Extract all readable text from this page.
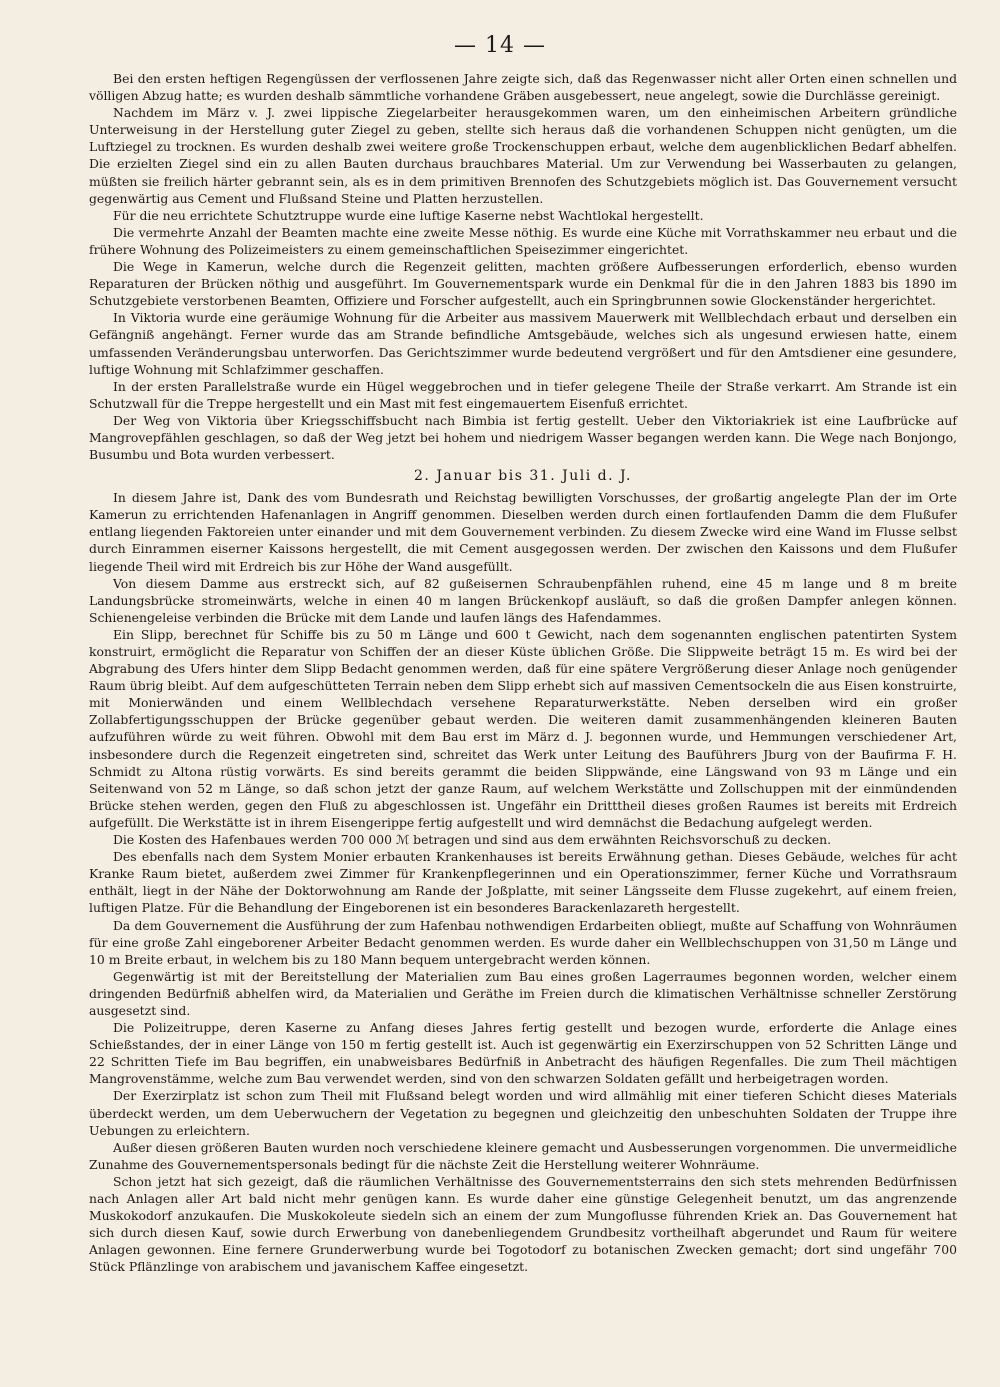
— 14 —

Bei den ersten heftigen Regengüssen der verflossenen Jahre zeigte sich, daß das Regenwasser nicht aller Orten einen schnellen und völligen Abzug hatte; es wurden deshalb sämmtliche vorhandene Gräben ausgebessert, neue angelegt, sowie die Durchlässe gereinigt.

Nachdem im März v. J. zwei lippische Ziegelarbeiter herausgekommen waren, um den einheimischen Arbeitern gründliche Unterweisung in der Herstellung guter Ziegel zu geben, stellte sich heraus daß die vorhandenen Schuppen nicht genügten, um die Luftziegel zu trocknen. Es wurden deshalb zwei weitere große Trockenschuppen erbaut, welche dem augenblicklichen Bedarf abhelfen. Die erzielten Ziegel sind ein zu allen Bauten durchaus brauchbares Material. Um zur Verwendung bei Wasserbauten zu gelangen, müßten sie freilich härter gebrannt sein, als es in dem primitiven Brennofen des Schutzgebiets möglich ist. Das Gouvernement versucht gegenwärtig aus Cement und Flußsand Steine und Platten herzustellen.

Für die neu errichtete Schutztruppe wurde eine luftige Kaserne nebst Wachtlokal hergestellt.

Die vermehrte Anzahl der Beamten machte eine zweite Messe nöthig. Es wurde eine Küche mit Vorrathskammer neu erbaut und die frühere Wohnung des Polizeimeisters zu einem gemeinschaftlichen Speisezimmer eingerichtet.

Die Wege in Kamerun, welche durch die Regenzeit gelitten, machten größere Aufbesserungen erforderlich, ebenso wurden Reparaturen der Brücken nöthig und ausgeführt. Im Gouvernementspark wurde ein Denkmal für die in den Jahren 1883 bis 1890 im Schutzgebiete verstorbenen Beamten, Offiziere und Forscher aufgestellt, auch ein Springbrunnen sowie Glockenständer hergerichtet.

In Viktoria wurde eine geräumige Wohnung für die Arbeiter aus massivem Mauerwerk mit Wellblechdach erbaut und derselben ein Gefängniß angehängt. Ferner wurde das am Strande befindliche Amtsgebäude, welches sich als ungesund erwiesen hatte, einem umfassenden Veränderungsbau unterworfen. Das Gerichtszimmer wurde bedeutend vergrößert und für den Amtsdiener eine gesundere, luftige Wohnung mit Schlafzimmer geschaffen.

In der ersten Parallelstraße wurde ein Hügel weggebrochen und in tiefer gelegene Theile der Straße verkarrt. Am Strande ist ein Schutzwall für die Treppe hergestellt und ein Mast mit fest eingemauertem Eisenfuß errichtet.

Der Weg von Viktoria über Kriegsschiffsbucht nach Bimbia ist fertig gestellt. Ueber den Viktoriakriek ist eine Laufbrücke auf Mangrovepfählen geschlagen, so daß der Weg jetzt bei hohem und niedrigem Wasser begangen werden kann. Die Wege nach Bonjongo, Busumbu und Bota wurden verbessert.

2. Januar bis 31. Juli d. J.

In diesem Jahre ist, Dank des vom Bundesrath und Reichstag bewilligten Vorschusses, der großartig angelegte Plan der im Orte Kamerun zu errichtenden Hafenanlagen in Angriff genommen. Dieselben werden durch einen fortlaufenden Damm die dem Flußufer entlang liegenden Faktoreien unter einander und mit dem Gouvernement verbinden. Zu diesem Zwecke wird eine Wand im Flusse selbst durch Einrammen eiserner Kaissons hergestellt, die mit Cement ausgegossen werden. Der zwischen den Kaissons und dem Flußufer liegende Theil wird mit Erdreich bis zur Höhe der Wand ausgefüllt.

Von diesem Damme aus erstreckt sich, auf 82 gußeisernen Schraubenpfählen ruhend, eine 45 m lange und 8 m breite Landungsbrücke stromeinwärts, welche in einen 40 m langen Brückenkopf ausläuft, so daß die großen Dampfer anlegen können. Schienengeleise verbinden die Brücke mit dem Lande und laufen längs des Hafendammes.

Ein Slipp, berechnet für Schiffe bis zu 50 m Länge und 600 t Gewicht, nach dem sogenannten englischen patentirten System konstruirt, ermöglicht die Reparatur von Schiffen der an dieser Küste üblichen Größe. Die Slippweite beträgt 15 m. Es wird bei der Abgrabung des Ufers hinter dem Slipp Bedacht genommen werden, daß für eine spätere Vergrößerung dieser Anlage noch genügender Raum übrig bleibt. Auf dem aufgeschütteten Terrain neben dem Slipp erhebt sich auf massiven Cementsockeln die aus Eisen konstruirte, mit Monierwänden und einem Wellblechdach versehene Reparaturwerkstätte. Neben derselben wird ein großer Zollabfertigungsschuppen der Brücke gegenüber gebaut werden. Die weiteren damit zusammenhängenden kleineren Bauten aufzuführen würde zu weit führen. Obwohl mit dem Bau erst im März d. J. begonnen wurde, und Hemmungen verschiedener Art, insbesondere durch die Regenzeit eingetreten sind, schreitet das Werk unter Leitung des Bauführers Jburg von der Baufirma F. H. Schmidt zu Altona rüstig vorwärts. Es sind bereits gerammt die beiden Slippwände, eine Längswand von 93 m Länge und ein Seitenwand von 52 m Länge, so daß schon jetzt der ganze Raum, auf welchem Werkstätte und Zollschuppen mit der einmündenden Brücke stehen werden, gegen den Fluß zu abgeschlossen ist. Ungefähr ein Dritttheil dieses großen Raumes ist bereits mit Erdreich aufgefüllt. Die Werkstätte ist in ihrem Eisengerippe fertig aufgestellt und wird demnächst die Bedachung aufgelegt werden.

Die Kosten des Hafenbaues werden 700 000 ℳ betragen und sind aus dem erwähnten Reichsvorschuß zu decken.

Des ebenfalls nach dem System Monier erbauten Krankenhauses ist bereits Erwähnung gethan. Dieses Gebäude, welches für acht Kranke Raum bietet, außerdem zwei Zimmer für Krankenpflegerinnen und ein Operationszimmer, ferner Küche und Vorrathsraum enthält, liegt in der Nähe der Doktorwohnung am Rande der Joßplatte, mit seiner Längsseite dem Flusse zugekehrt, auf einem freien, luftigen Platze. Für die Behandlung der Eingeborenen ist ein besonderes Barackenlazareth hergestellt.

Da dem Gouvernement die Ausführung der zum Hafenbau nothwendigen Erdarbeiten obliegt, mußte auf Schaffung von Wohnräumen für eine große Zahl eingeborener Arbeiter Bedacht genommen werden. Es wurde daher ein Wellblechschuppen von 31,50 m Länge und 10 m Breite erbaut, in welchem bis zu 180 Mann bequem untergebracht werden können.

Gegenwärtig ist mit der Bereitstellung der Materialien zum Bau eines großen Lagerraumes begonnen worden, welcher einem dringenden Bedürfniß abhelfen wird, da Materialien und Geräthe im Freien durch die klimatischen Verhältnisse schneller Zerstörung ausgesetzt sind.

Die Polizeitruppe, deren Kaserne zu Anfang dieses Jahres fertig gestellt und bezogen wurde, erforderte die Anlage eines Schießstandes, der in einer Länge von 150 m fertig gestellt ist. Auch ist gegenwärtig ein Exerzirschuppen von 52 Schritten Länge und 22 Schritten Tiefe im Bau begriffen, ein unabweisbares Bedürfniß in Anbetracht des häufigen Regenfalles. Die zum Theil mächtigen Mangrovenstämme, welche zum Bau verwendet werden, sind von den schwarzen Soldaten gefällt und herbeigetragen worden.

Der Exerzirplatz ist schon zum Theil mit Flußsand belegt worden und wird allmählig mit einer tieferen Schicht dieses Materials überdeckt werden, um dem Ueberwuchern der Vegetation zu begegnen und gleichzeitig den unbeschuhten Soldaten der Truppe ihre Uebungen zu erleichtern.

Außer diesen größeren Bauten wurden noch verschiedene kleinere gemacht und Ausbesserungen vorgenommen. Die unvermeidliche Zunahme des Gouvernementspersonals bedingt für die nächste Zeit die Herstellung weiterer Wohnräume.

Schon jetzt hat sich gezeigt, daß die räumlichen Verhältnisse des Gouvernementsterrains den sich stets mehrenden Bedürfnissen nach Anlagen aller Art bald nicht mehr genügen kann. Es wurde daher eine günstige Gelegenheit benutzt, um das angrenzende Muskokodorf anzukaufen. Die Muskokoleute siedeln sich an einem der zum Mungoflusse führenden Kriek an. Das Gouvernement hat sich durch diesen Kauf, sowie durch Erwerbung von danebenliegendem Grundbesitz vortheilhaft abgerundet und Raum für weitere Anlagen gewonnen. Eine fernere Grunderwerbung wurde bei Togotodorf zu botanischen Zwecken gemacht; dort sind ungefähr 700 Stück Pflänzlinge von arabischem und javanischem Kaffee eingesetzt.
